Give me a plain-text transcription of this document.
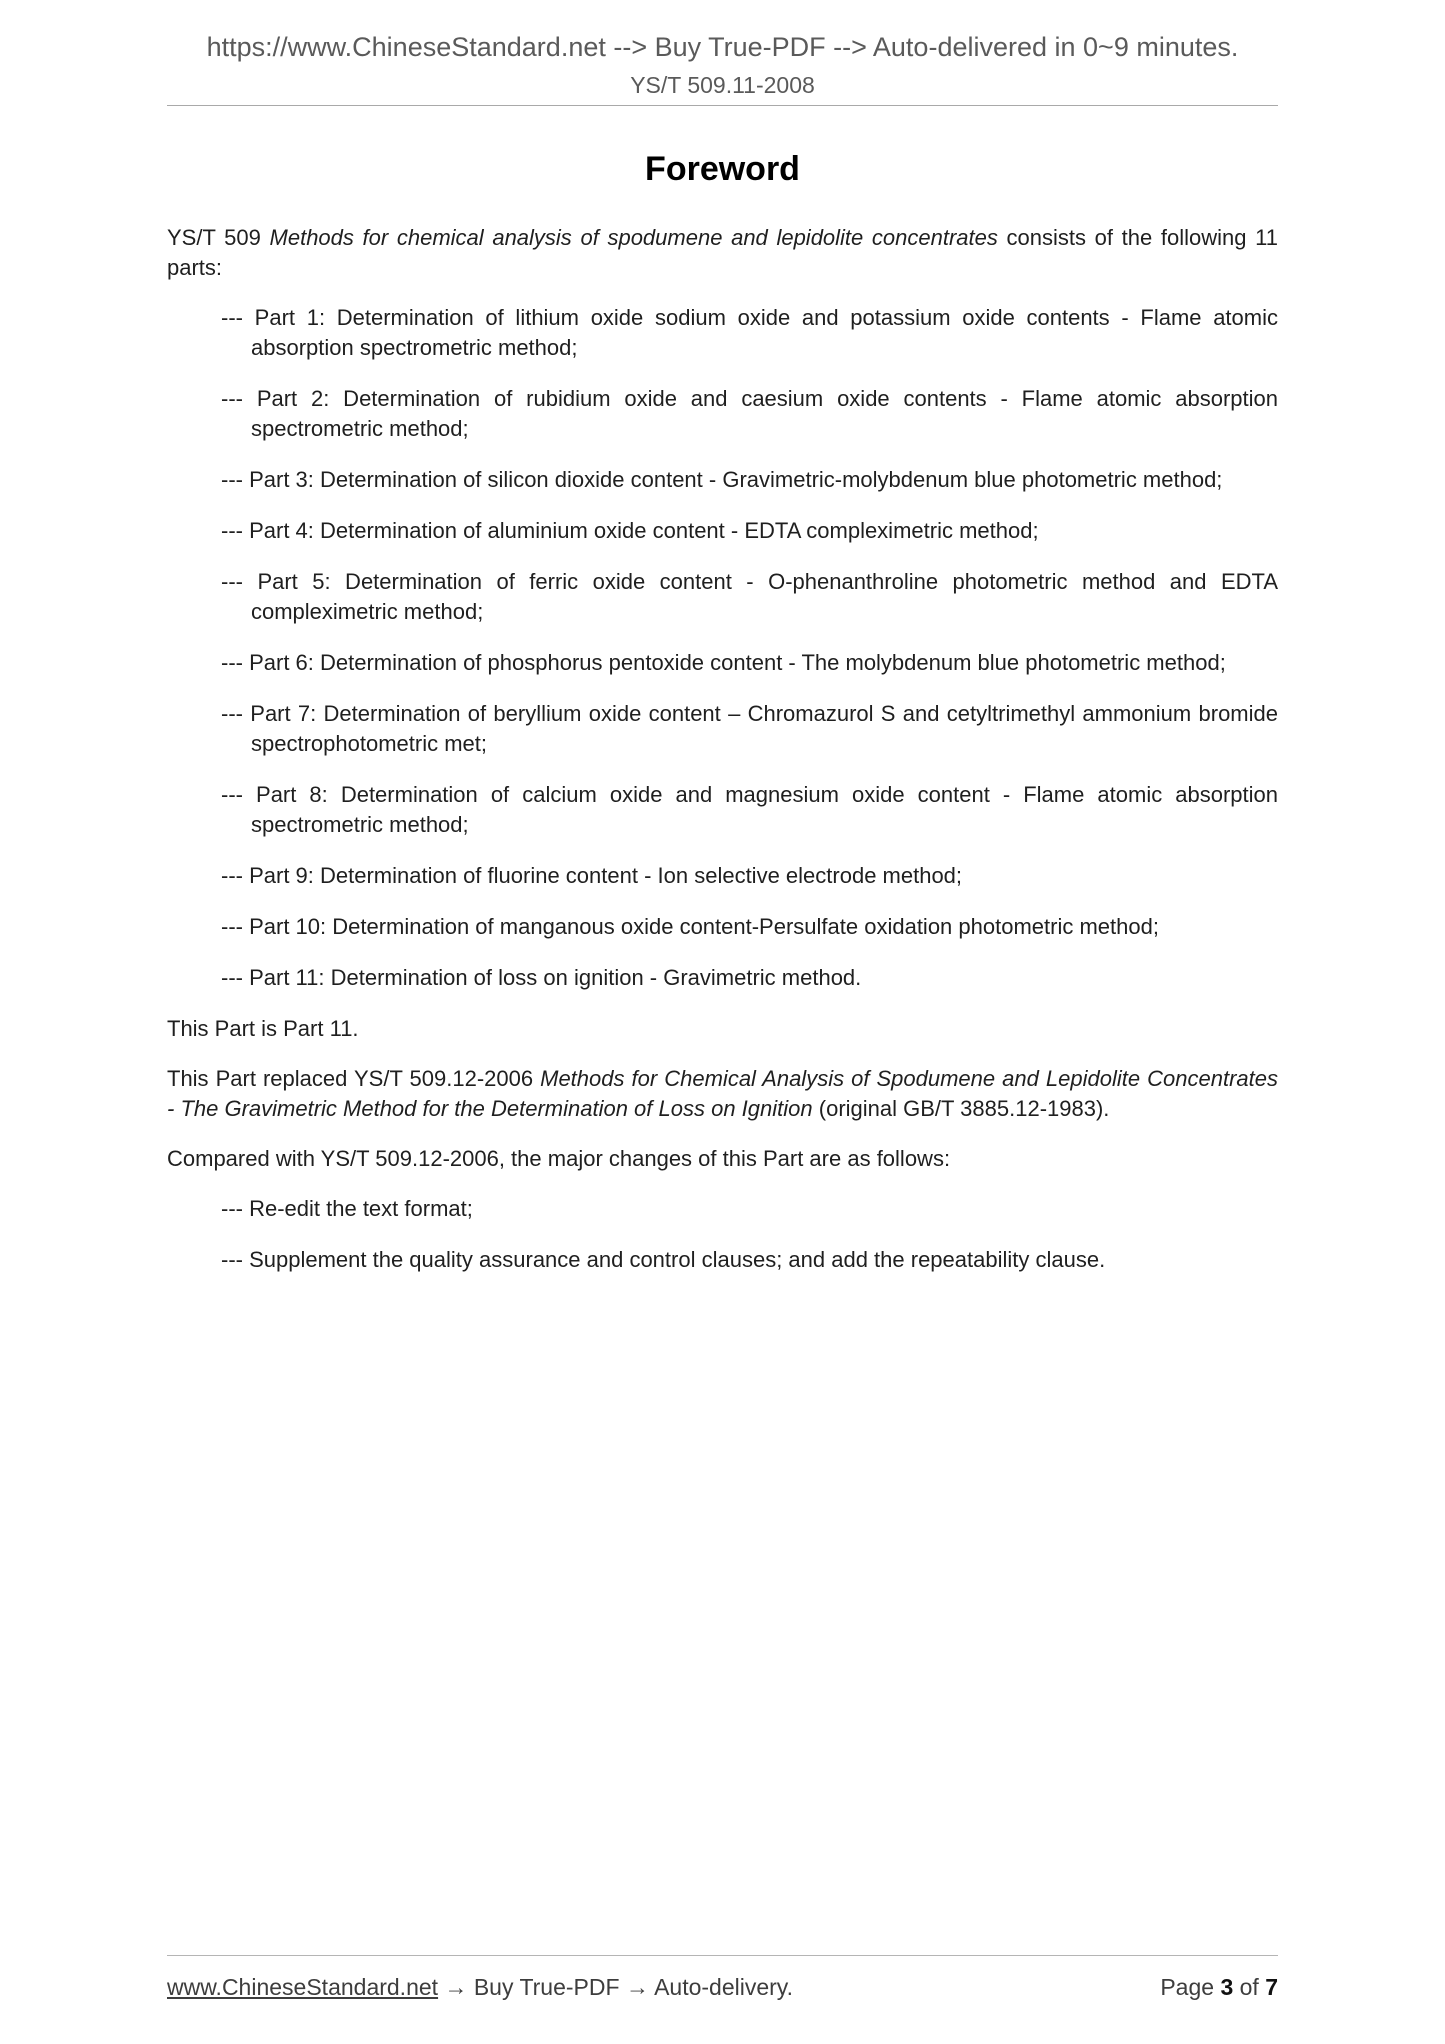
https://www.ChineseStandard.net --> Buy True-PDF --> Auto-delivered in 0~9 minutes.
YS/T 509.11-2008
Foreword

YS/T 509 Methods for chemical analysis of spodumene and lepidolite concentrates consists of the following 11 parts:

--- Part 1: Determination of lithium oxide sodium oxide and potassium oxide contents - Flame atomic absorption spectrometric method;

--- Part 2: Determination of rubidium oxide and caesium oxide contents - Flame atomic absorption spectrometric method;

--- Part 3: Determination of silicon dioxide content - Gravimetric-molybdenum blue photometric method;

--- Part 4: Determination of aluminium oxide content - EDTA compleximetric method;

--- Part 5: Determination of ferric oxide content - O-phenanthroline photometric method and EDTA compleximetric method;

--- Part 6: Determination of phosphorus pentoxide content - The molybdenum blue photometric method;

--- Part 7: Determination of beryllium oxide content – Chromazurol S and cetyltrimethyl ammonium bromide spectrophotometric met;

--- Part 8: Determination of calcium oxide and magnesium oxide content - Flame atomic absorption spectrometric method;

--- Part 9: Determination of fluorine content - Ion selective electrode method;

--- Part 10: Determination of manganous oxide content-Persulfate oxidation photometric method;

--- Part 11: Determination of loss on ignition - Gravimetric method.

This Part is Part 11.

This Part replaced YS/T 509.12-2006 Methods for Chemical Analysis of Spodumene and Lepidolite Concentrates - The Gravimetric Method for the Determination of Loss on Ignition (original GB/T 3885.12-1983).

Compared with YS/T 509.12-2006, the major changes of this Part are as follows:

--- Re-edit the text format;

--- Supplement the quality assurance and control clauses; and add the repeatability clause.

www.ChineseStandard.net → Buy True-PDF → Auto-delivery.	Page 3 of 7
